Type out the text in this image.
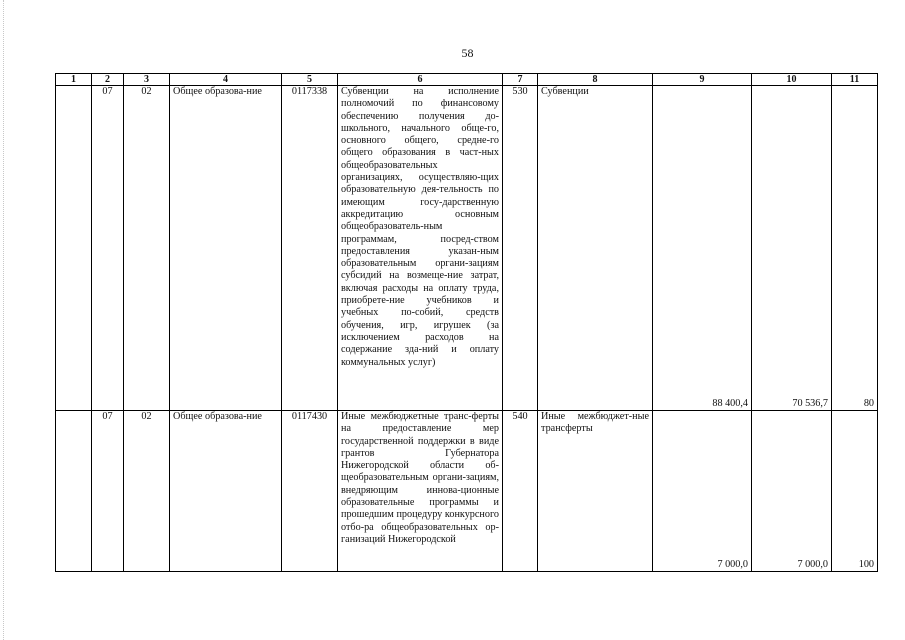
58
1	2	3	4	5	6	7	8	9	10	11
	07	02	Общее образова-ние	0117338	Субвенции на исполнение полномочий по финансовому обеспечению получения до-школьного, начального обще-го, основного общего, средне-го общего образования в част-ных общеобразовательных организациях, осуществляю-щих образовательную дея-тельность по имеющим госу-дарственную аккредитацию основным общеобразователь-ным программам, посред-ством предоставления указан-ным образовательным органи-зациям субсидий на возмеще-ние затрат, включая расходы на оплату труда, приобрете-ние учебников и учебных по-собий, средств обучения, игр, игрушек (за исключением расходов на содержание зда-ний и оплату коммунальных услуг)	530	Субвенции	88 400,4	70 536,7	80
	07	02	Общее образова-ние	0117430	Иные межбюджетные транс-ферты на предоставление мер государственной поддержки в виде грантов Губернатора Нижегородской области об-щеобразовательным органи-зациям, внедряющим иннова-ционные образовательные программы и прошедшим процедуру конкурсного отбо-ра общеобразовательных ор-ганизаций Нижегородской	540	Иные межбюджет-ные трансферты	7 000,0	7 000,0	100
